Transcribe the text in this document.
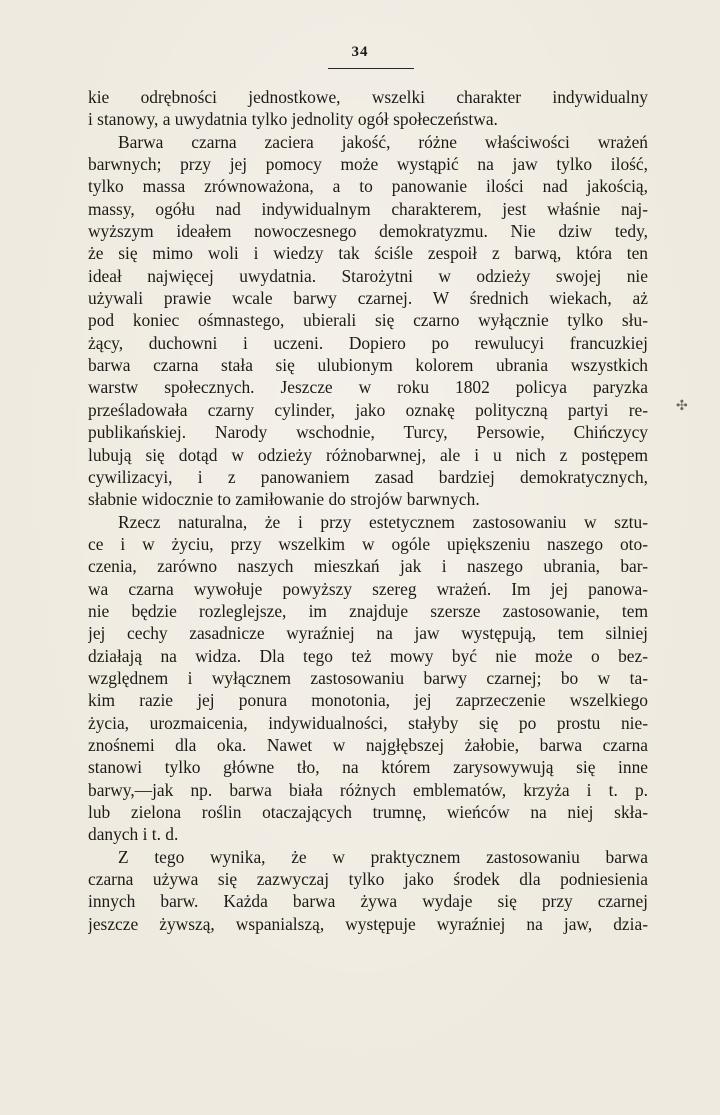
34
kie odrębności jednostkowe, wszelki charakter indywidualny
i stanowy, a uwydatnia tylko jednolity ogół społeczeństwa.
Barwa czarna zaciera jakość, różne właściwości wrażeń
barwnych; przy jej pomocy może wystąpić na jaw tylko ilość,
tylko massa zrównoważona, a to panowanie ilości nad jakością,
massy, ogółu nad indywidualnym charakterem, jest właśnie naj-
wyższym ideałem nowoczesnego demokratyzmu. Nie dziw tedy,
że się mimo woli i wiedzy tak ściśle zespoił z barwą, która ten
ideał najwięcej uwydatnia. Starożytni w odzieży swojej nie
używali prawie wcale barwy czarnej. W średnich wiekach, aż
pod koniec ośmnastego, ubierali się czarno wyłącznie tylko słu-
żący, duchowni i uczeni. Dopiero po rewulucyi francuzkiej
barwa czarna stała się ulubionym kolorem ubrania wszystkich
warstw społecznych. Jeszcze w roku 1802 policya paryzka
prześladowała czarny cylinder, jako oznakę polityczną partyi re-
publikańskiej. Narody wschodnie, Turcy, Persowie, Chińczycy
lubują się dotąd w odzieży różnobarwnej, ale i u nich z postępem
cywilizacyi, i z panowaniem zasad bardziej demokratycznych,
słabnie widocznie to zamiłowanie do strojów barwnych.
Rzecz naturalna, że i przy estetycznem zastosowaniu w sztu-
ce i w życiu, przy wszelkim w ogóle upiększeniu naszego oto-
czenia, zarówno naszych mieszkań jak i naszego ubrania, bar-
wa czarna wywołuje powyższy szereg wrażeń. Im jej panowa-
nie będzie rozleglejsze, im znajduje szersze zastosowanie, tem
jej cechy zasadnicze wyraźniej na jaw występują, tem silniej
działają na widza. Dla tego też mowy być nie może o bez-
względnem i wyłącznem zastosowaniu barwy czarnej; bo w ta-
kim razie jej ponura monotonia, jej zaprzeczenie wszelkiego
życia, urozmaicenia, indywidualności, stałyby się po prostu nie-
znośnemi dla oka. Nawet w najgłębszej żałobie, barwa czarna
stanowi tylko główne tło, na którem zarysowywują się inne
barwy,—jak np. barwa biała różnych emblematów, krzyża i t. p.
lub zielona roślin otaczających trumnę, wieńców na niej skła-
danych i t. d.
Z tego wynika, że w praktycznem zastosowaniu barwa
czarna używa się zazwyczaj tylko jako środek dla podniesienia
innych barw. Każda barwa żywa wydaje się przy czarnej
jeszcze żywszą, wspanialszą, występuje wyraźniej na jaw, dzia-
✣
